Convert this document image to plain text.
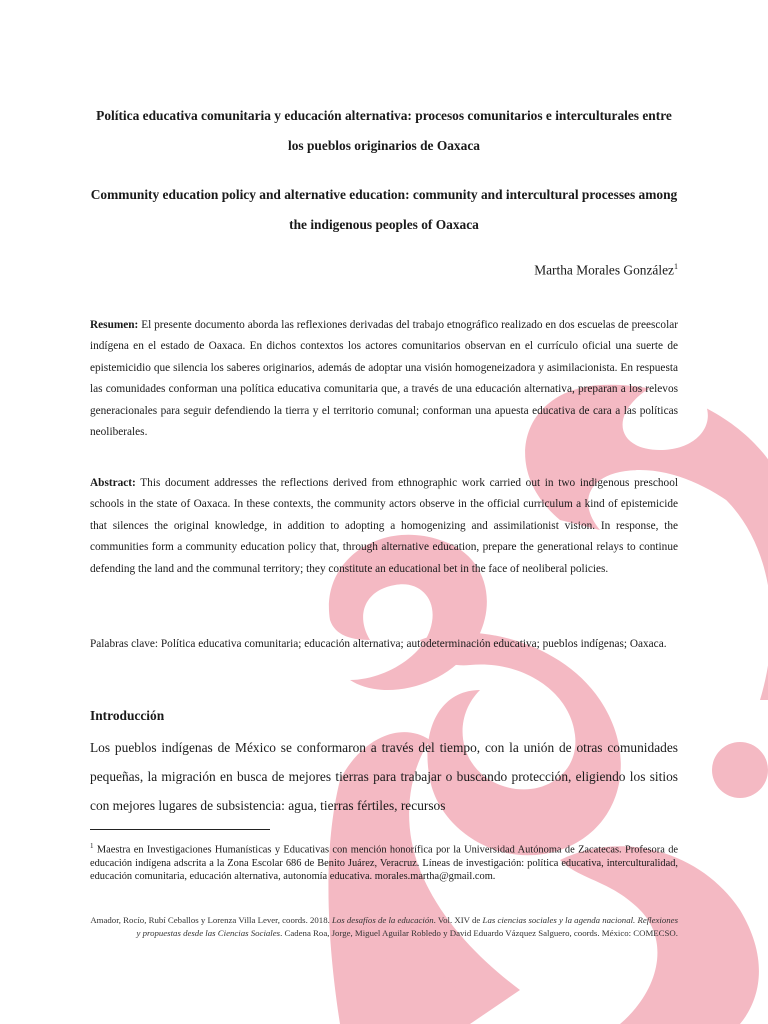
Política educativa comunitaria y educación alternativa: procesos comunitarios e interculturales entre los pueblos originarios de Oaxaca
Community education policy and alternative education: community and intercultural processes among the indigenous peoples of Oaxaca
Martha Morales González$^1$
Resumen: El presente documento aborda las reflexiones derivadas del trabajo etnográfico realizado en dos escuelas de preescolar indígena en el estado de Oaxaca. En dichos contextos los actores comunitarios observan en el currículo oficial una suerte de epistemicidio que silencia los saberes originarios, además de adoptar una visión homogeneizadora y asimilacionista. En respuesta las comunidades conforman una política educativa comunitaria que, a través de una educación alternativa, preparan a los relevos generacionales para seguir defendiendo la tierra y el territorio comunal; conforman una apuesta educativa de cara a las políticas neoliberales.
Abstract: This document addresses the reflections derived from ethnographic work carried out in two indigenous preschool schools in the state of Oaxaca. In these contexts, the community actors observe in the official curriculum a kind of epistemicide that silences the original knowledge, in addition to adopting a homogenizing and assimilationist vision. In response, the communities form a community education policy that, through alternative education, prepare the generational relays to continue defending the land and the communal territory; they constitute an educational bet in the face of neoliberal policies.
Palabras clave: Política educativa comunitaria; educación alternativa; autodeterminación educativa; pueblos indígenas; Oaxaca.
Introducción
Los pueblos indígenas de México se conformaron a través del tiempo, con la unión de otras comunidades pequeñas, la migración en busca de mejores tierras para trabajar o buscando protección, eligiendo los sitios con mejores lugares de subsistencia: agua, tierras fértiles, recursos
$^1$ Maestra en Investigaciones Humanísticas y Educativas con mención honorífica por la Universidad Autónoma de Zacatecas. Profesora de educación indígena adscrita a la Zona Escolar 686 de Benito Juárez, Veracruz. Líneas de investigación: política educativa, interculturalidad, educación comunitaria, educación alternativa, autonomía educativa. morales.martha@gmail.com.
Amador, Rocío, Rubí Ceballos y Lorenza Villa Lever, coords. 2018. Los desafíos de la educación. Vol. XIV de Las ciencias sociales y la agenda nacional. Reflexiones y propuestas desde las Ciencias Sociales. Cadena Roa, Jorge, Miguel Aguilar Robledo y David Eduardo Vázquez Salguero, coords. México: COMECSO.
